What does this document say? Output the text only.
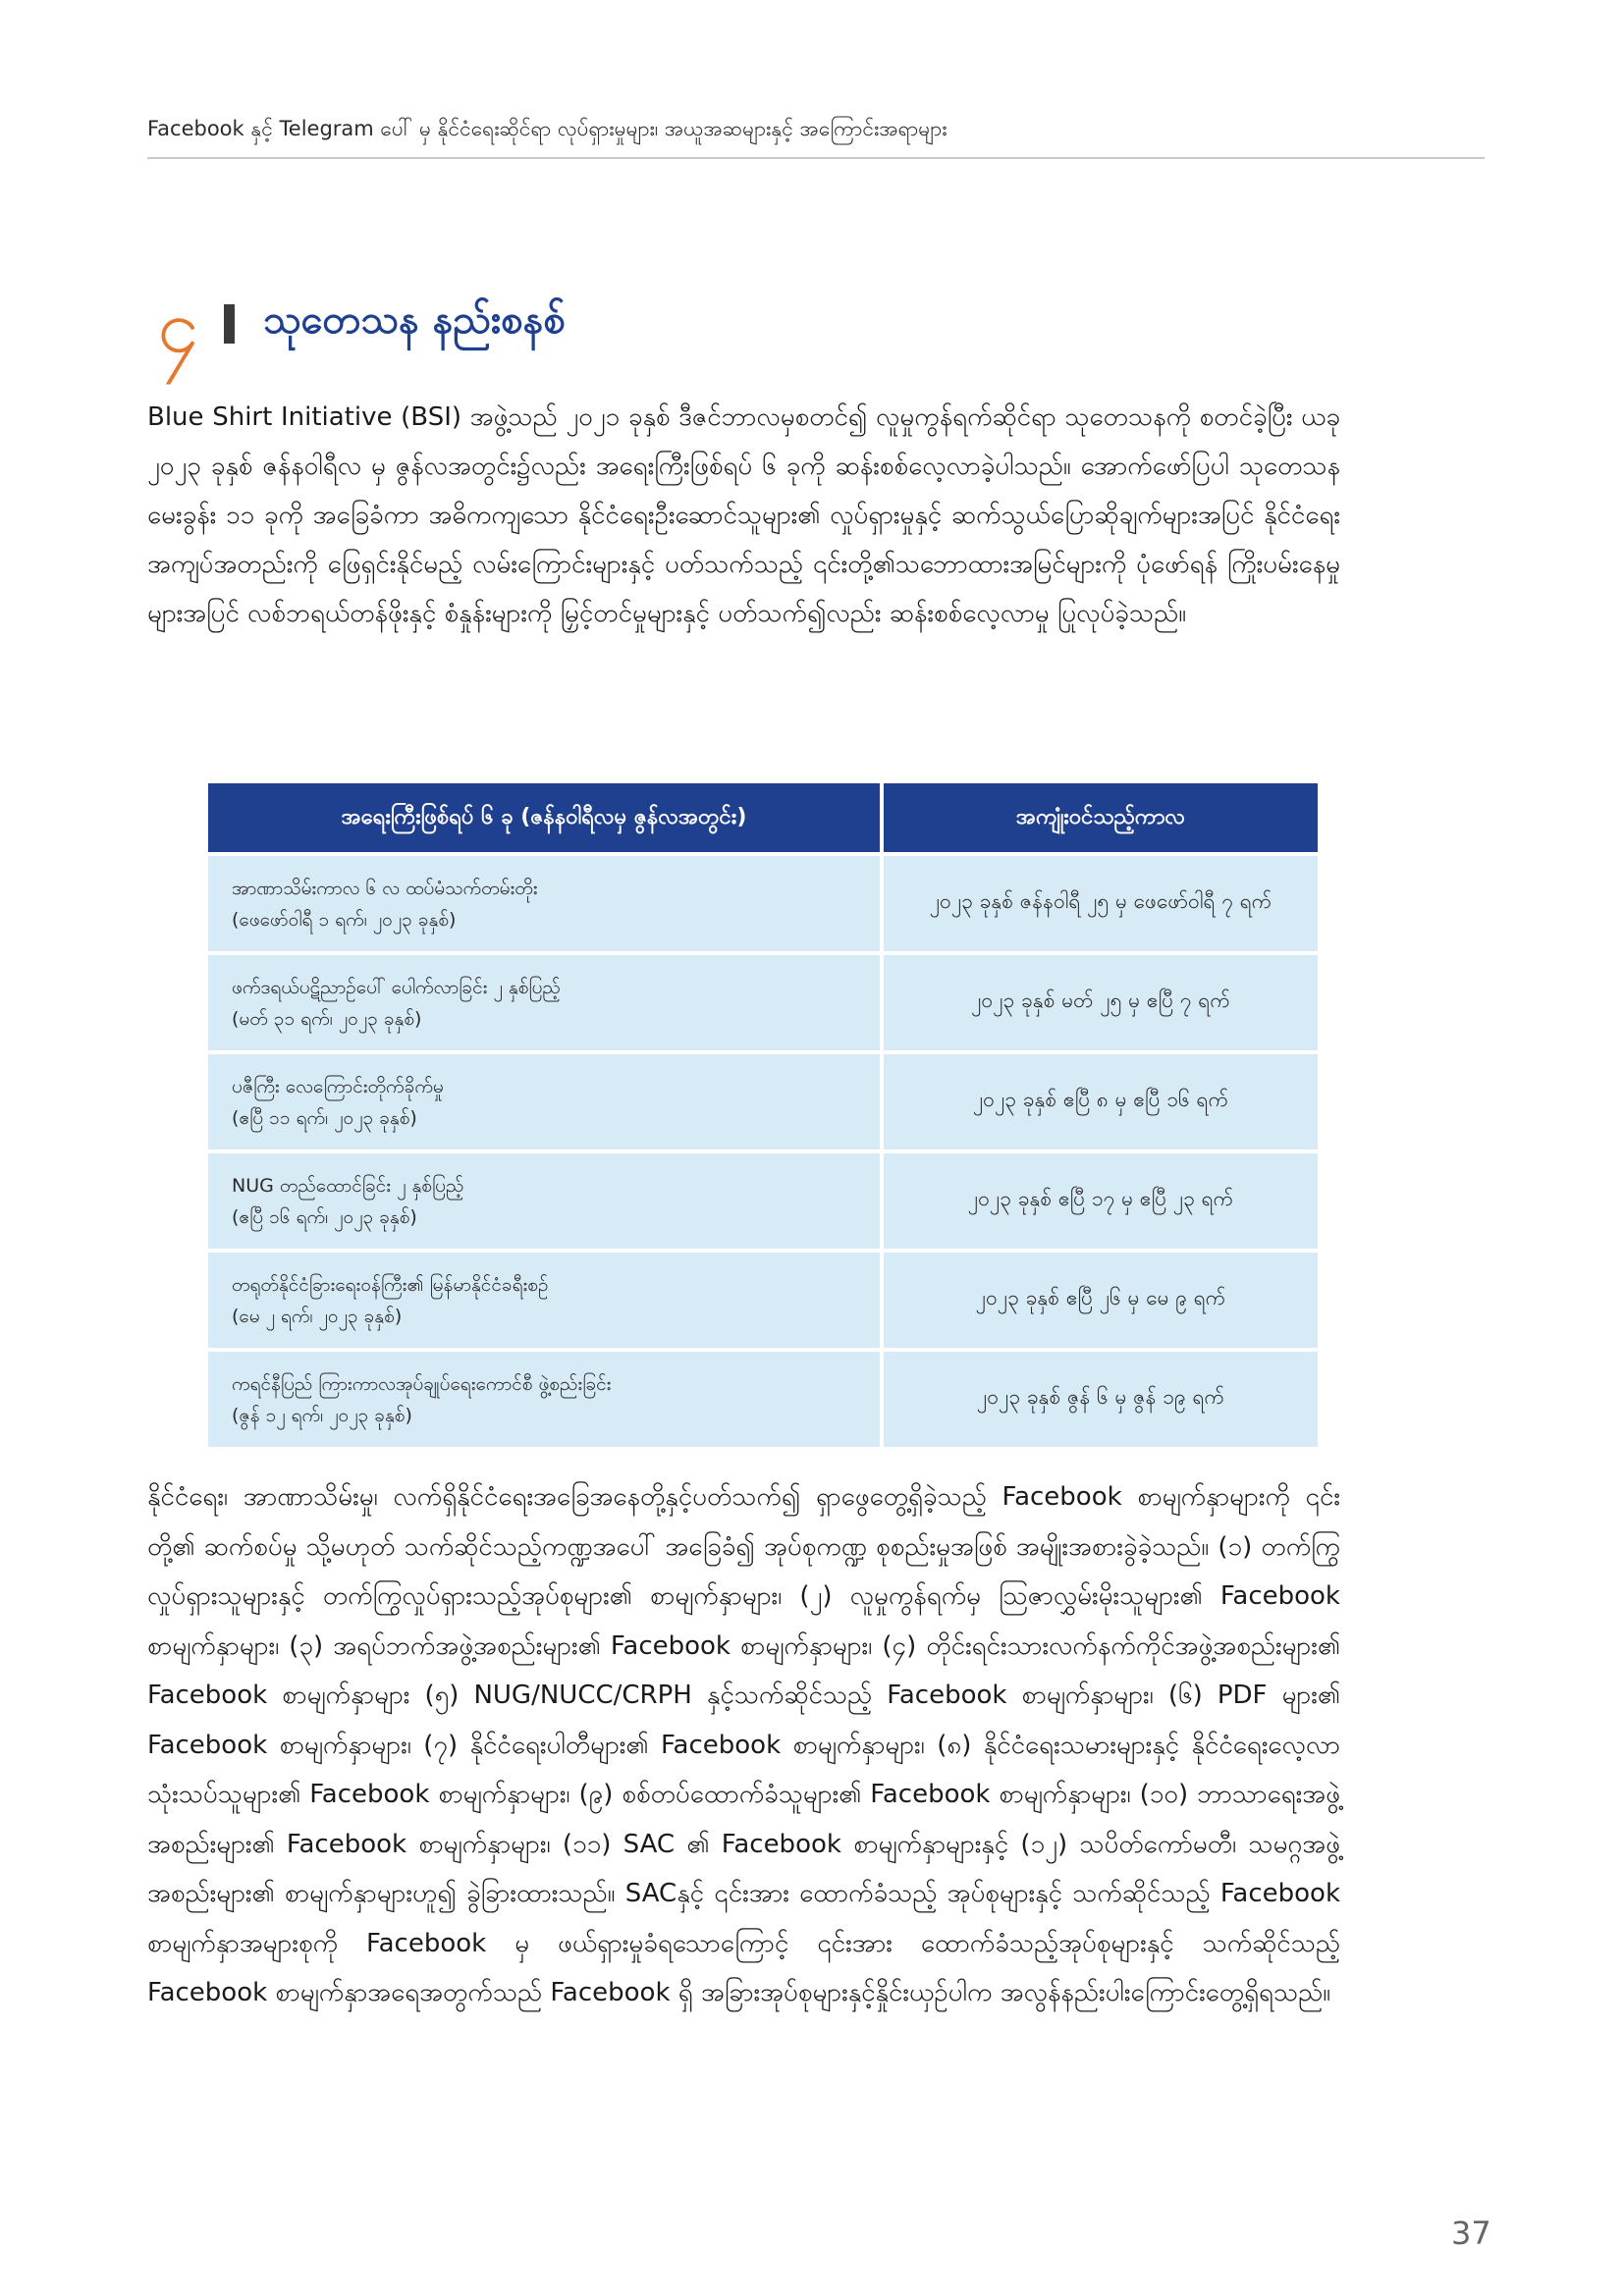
Facebook နှင့် Telegram ပေါ် မှ နိုင်ငံရေးဆိုင်ရာ လုပ်ရှားမှုများ၊ အယူအဆများနှင့် အကြောင်းအရာများ
၄ သုတေသန နည်းစနစ်

Blue Shirt Initiative (BSI) အဖွဲ့သည် ၂၀၂၁ ခုနှစ် ဒီဇင်ဘာလမှစတင်၍ လူမှုကွန်ရက်ဆိုင်ရာ သုတေသနကို စတင်ခဲ့ပြီး ယခု ၂၀၂၃ ခုနှစ် ဇန်နဝါရီလ မှ ဇွန်လအတွင်း၌လည်း အရေးကြီးဖြစ်ရပ် ၆ ခုကို ဆန်းစစ်လေ့လာခဲ့ပါသည်။ အောက်ဖော်ပြပါ သုတေသနမေးခွန်း ၁၁ ခုကို အခြေခံကာ အဓိကကျသော နိုင်ငံရေးဦးဆောင်သူများ၏ လှုပ်ရှားမှုနှင့် ဆက်သွယ်ပြောဆိုချက်များအပြင် နိုင်ငံရေးအကျပ်အတည်းကို ဖြေရှင်းနိုင်မည့် လမ်းကြောင်းများနှင့် ပတ်သက်သည့် ၎င်းတို့၏သဘောထားအမြင်များကို ပုံဖော်ရန် ကြိုးပမ်းနေမှုများအပြင် လစ်ဘရယ်တန်ဖိုးနှင့် စံနှုန်းများကို မြှင့်တင်မှုများနှင့် ပတ်သက်၍လည်း ဆန်းစစ်လေ့လာမှု ပြုလုပ်ခဲ့သည်။

အရေးကြီးဖြစ်ရပ် ၆ ခု (ဇန်နဝါရီလမှ ဇွန်လအတွင်း)	အကျုံးဝင်သည့်ကာလ

အာဏာသိမ်းကာလ ၆ လ ထပ်မံသက်တမ်းတိုး
(ဖေဖော်ဝါရီ ၁ ရက်၊ ၂၀၂၃ ခုနှစ်)	၂၀၂၃ ခုနှစ် ဇန်နဝါရီ ၂၅ မှ ဖေဖော်ဝါရီ ၇ ရက်

ဖက်ဒရယ်ပဋိညာဉ်ပေါ် ပေါက်လာခြင်း ၂ နှစ်ပြည့်
(မတ် ၃၁ ရက်၊ ၂၀၂၃ ခုနှစ်)	၂၀၂၃ ခုနှစ် မတ် ၂၅ မှ ဧပြီ ၇ ရက်

ပဇီကြီး လေကြောင်းတိုက်ခိုက်မှု
(ဧပြီ ၁၁ ရက်၊ ၂၀၂၃ ခုနှစ်)	၂၀၂၃ ခုနှစ် ဧပြီ ၈ မှ ဧပြီ ၁၆ ရက်

NUG တည်ထောင်ခြင်း ၂ နှစ်ပြည့်
(ဧပြီ ၁၆ ရက်၊ ၂၀၂၃ ခုနှစ်)	၂၀၂၃ ခုနှစ် ဧပြီ ၁၇ မှ ဧပြီ ၂၃ ရက်

တရုတ်နိုင်ငံခြားရေးဝန်ကြီး၏ မြန်မာနိုင်ငံခရီးစဉ်
(မေ ၂ ရက်၊ ၂၀၂၃ ခုနှစ်)	၂၀၂၃ ခုနှစ် ဧပြီ ၂၆ မှ မေ ၉ ရက်

ကရင်နီပြည် ကြားကာလအုပ်ချုပ်ရေးကောင်စီ ဖွဲ့စည်းခြင်း
(ဇွန် ၁၂ ရက်၊ ၂၀၂၃ ခုနှစ်)	၂၀၂၃ ခုနှစ် ဇွန် ၆ မှ ဇွန် ၁၉ ရက်

နိုင်ငံရေး၊ အာဏာသိမ်းမှု၊ လက်ရှိနိုင်ငံရေးအခြေအနေတို့နှင့်ပတ်သက်၍ ရှာဖွေတွေ့ရှိခဲ့သည့် Facebook စာမျက်နှာများကို ၎င်းတို့၏ ဆက်စပ်မှု သို့မဟုတ် သက်ဆိုင်သည့်ကဏ္ဍအပေါ် အခြေခံ၍ အုပ်စုကဏ္ဍ စုစည်းမှုအဖြစ် အမျိုးအစားခွဲခဲ့သည်။ (၁) တက်ကြွလှုပ်ရှားသူများနှင့် တက်ကြွလှုပ်ရှားသည့်အုပ်စုများ၏ စာမျက်နှာများ၊ (၂) လူမှုကွန်ရက်မှ ဩဇာလွှမ်းမိုးသူများ၏ Facebook စာမျက်နှာများ၊ (၃) အရပ်ဘက်အဖွဲ့အစည်းများ၏ Facebook စာမျက်နှာများ၊ (၄) တိုင်းရင်းသားလက်နက်ကိုင်အဖွဲ့အစည်းများ၏ Facebook စာမျက်နှာများ (၅) NUG/NUCC/CRPH နှင့်သက်ဆိုင်သည့် Facebook စာမျက်နှာများ၊ (၆) PDF များ၏ Facebook စာမျက်နှာများ၊ (၇) နိုင်ငံရေးပါတီများ၏ Facebook စာမျက်နှာများ၊ (၈) နိုင်ငံရေးသမားများနှင့် နိုင်ငံရေးလေ့လာသုံးသပ်သူများ၏ Facebook စာမျက်နှာများ၊ (၉) စစ်တပ်ထောက်ခံသူများ၏ Facebook စာမျက်နှာများ၊ (၁၀) ဘာသာရေးအဖွဲ့အစည်းများ၏ Facebook စာမျက်နှာများ၊ (၁၁) SAC ၏ Facebook စာမျက်နှာများနှင့် (၁၂) သပိတ်ကော်မတီ၊ သမဂ္ဂအဖွဲ့အစည်းများ၏ စာမျက်နှာများဟူ၍ ခွဲခြားထားသည်။ SACနှင့် ၎င်းအား ထောက်ခံသည့် အုပ်စုများနှင့် သက်ဆိုင်သည့် Facebook စာမျက်နှာအများစုကို Facebook မှ ဖယ်ရှားမှုခံရသောကြောင့် ၎င်းအား ထောက်ခံသည့်အုပ်စုများနှင့် သက်ဆိုင်သည့် Facebook စာမျက်နှာအရေအတွက်သည် Facebook ရှိ အခြားအုပ်စုများနှင့်နှိုင်းယှဉ်ပါက အလွန်နည်းပါးကြောင်းတွေ့ရှိရသည်။

37
